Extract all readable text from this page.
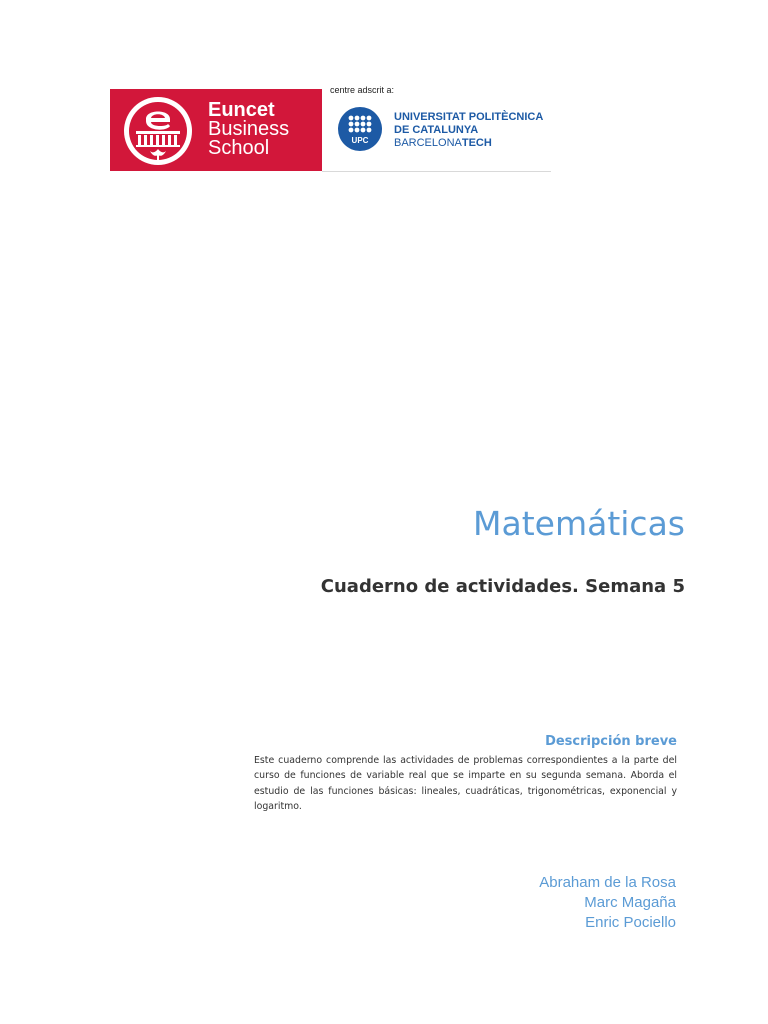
Euncet
Business
School
centre adscrit a:
UPC
UNIVERSITAT POLITÈCNICA
DE CATALUNYA
BARCELONATECH
Matemáticas
Cuaderno de actividades. Semana 5
Descripción breve

Este cuaderno comprende las actividades de problemas correspondientes a la parte del curso de funciones de variable real que se imparte en su segunda semana. Aborda el estudio de las funciones básicas: lineales, cuadráticas, trigonométricas, exponencial y logaritmo.

Abraham de la Rosa
Marc Magaña
Enric Pociello
